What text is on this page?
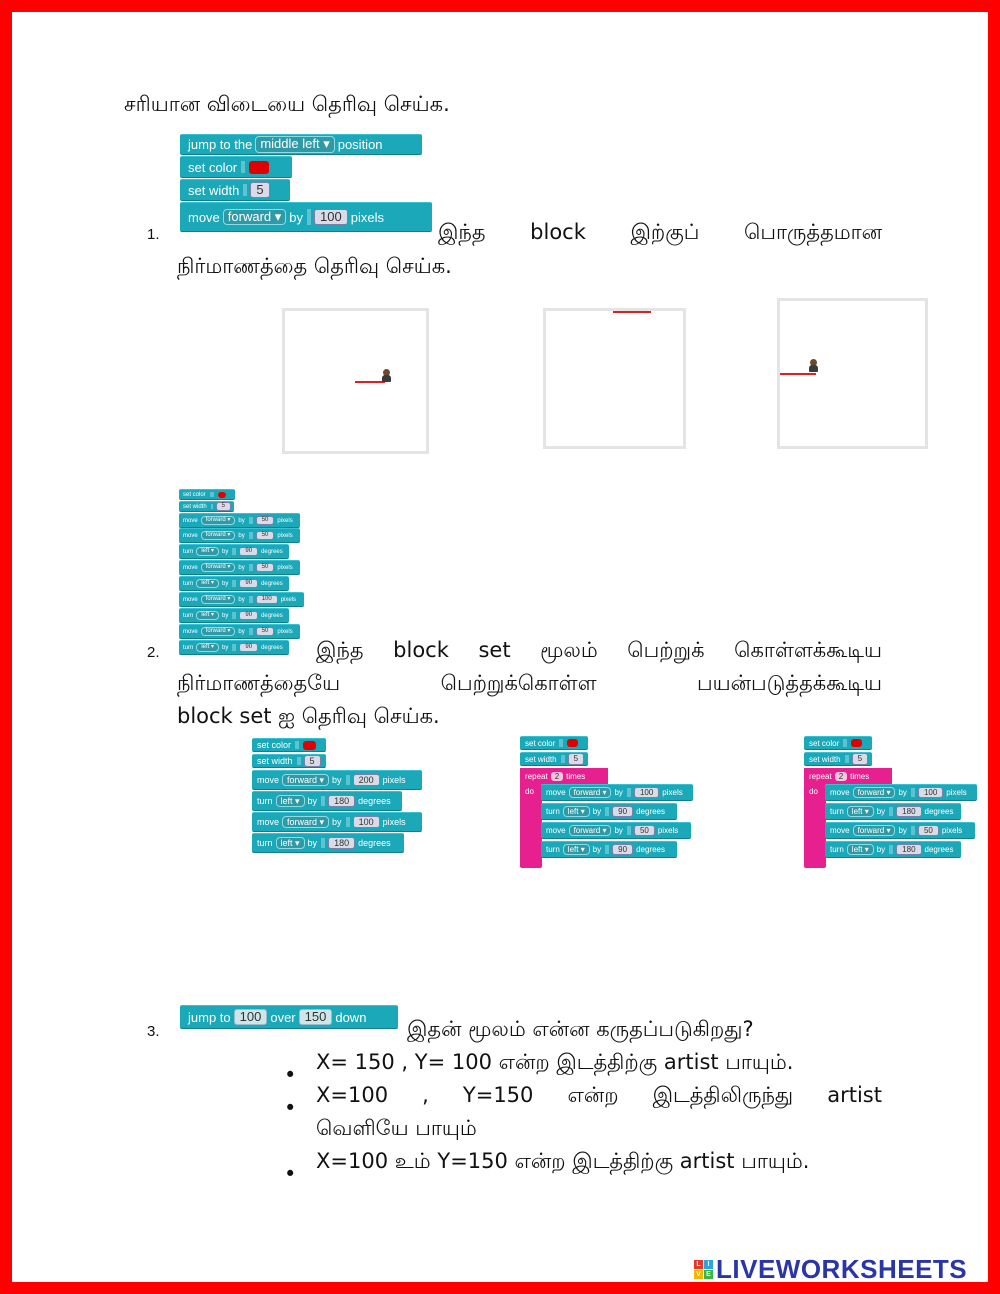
சரியான விடையை தெரிவு செய்க.
1.
jump to the middle left ▾ position
set color
set width	5
move forward ▾ by	100 pixels
இந்த block இற்குப் பொருத்தமான
நிர்மாணத்தை தெரிவு செய்க.
2.
set color
set width	5
move	forward ▾	by	50	pixels
move	forward ▾	by	50	pixels
turn	left ▾	by	90	degrees
move	forward ▾	by	50	pixels
turn	left ▾	by	90	degrees
move	forward ▾	by	100	pixels
turn	left ▾	by	90	degrees
move	forward ▾	by	50	pixels
turn	left ▾	by	90	degrees இந்த block set மூலம் பெற்றுக் கொள்ளக்கூடிய
நிர்மாணத்தையே பெற்றுக்கொள்ள பயன்படுத்தக்கூடிய
block set ஐ தெரிவு செய்க.
set color
set width	5
move forward ▾ by	200	pixels
turn left ▾ by	180	degrees
move forward ▾ by	100	pixels
turn left ▾ by	180	degrees
set color
set width	5
repeat 2 times
do move	forward ▾	by	100	pixels
turn	left ▾	by	90	degrees
move	forward ▾	by	50	pixels
turn	left ▾	by	90	degrees
set color
set width	5
repeat 2 times
do move	forward ▾	by	100	pixels
turn	left ▾	by	180	degrees
move	forward ▾	by	50	pixels
turn	left ▾	by	180	degrees
3.
jump to 100 over 150 down இதன் மூலம் என்ன கருதப்படுகிறது?
•
X= 150 , Y= 100 என்ற இடத்திற்கு artist பாயும்.
•
X=100 , Y=150 என்ற இடத்திலிருந்து artist
வெளியே பாயும்
•
X=100 உம் Y=150 என்ற இடத்திற்கு artist பாயும்.
L I
V E LIVEWORKSHEETS
